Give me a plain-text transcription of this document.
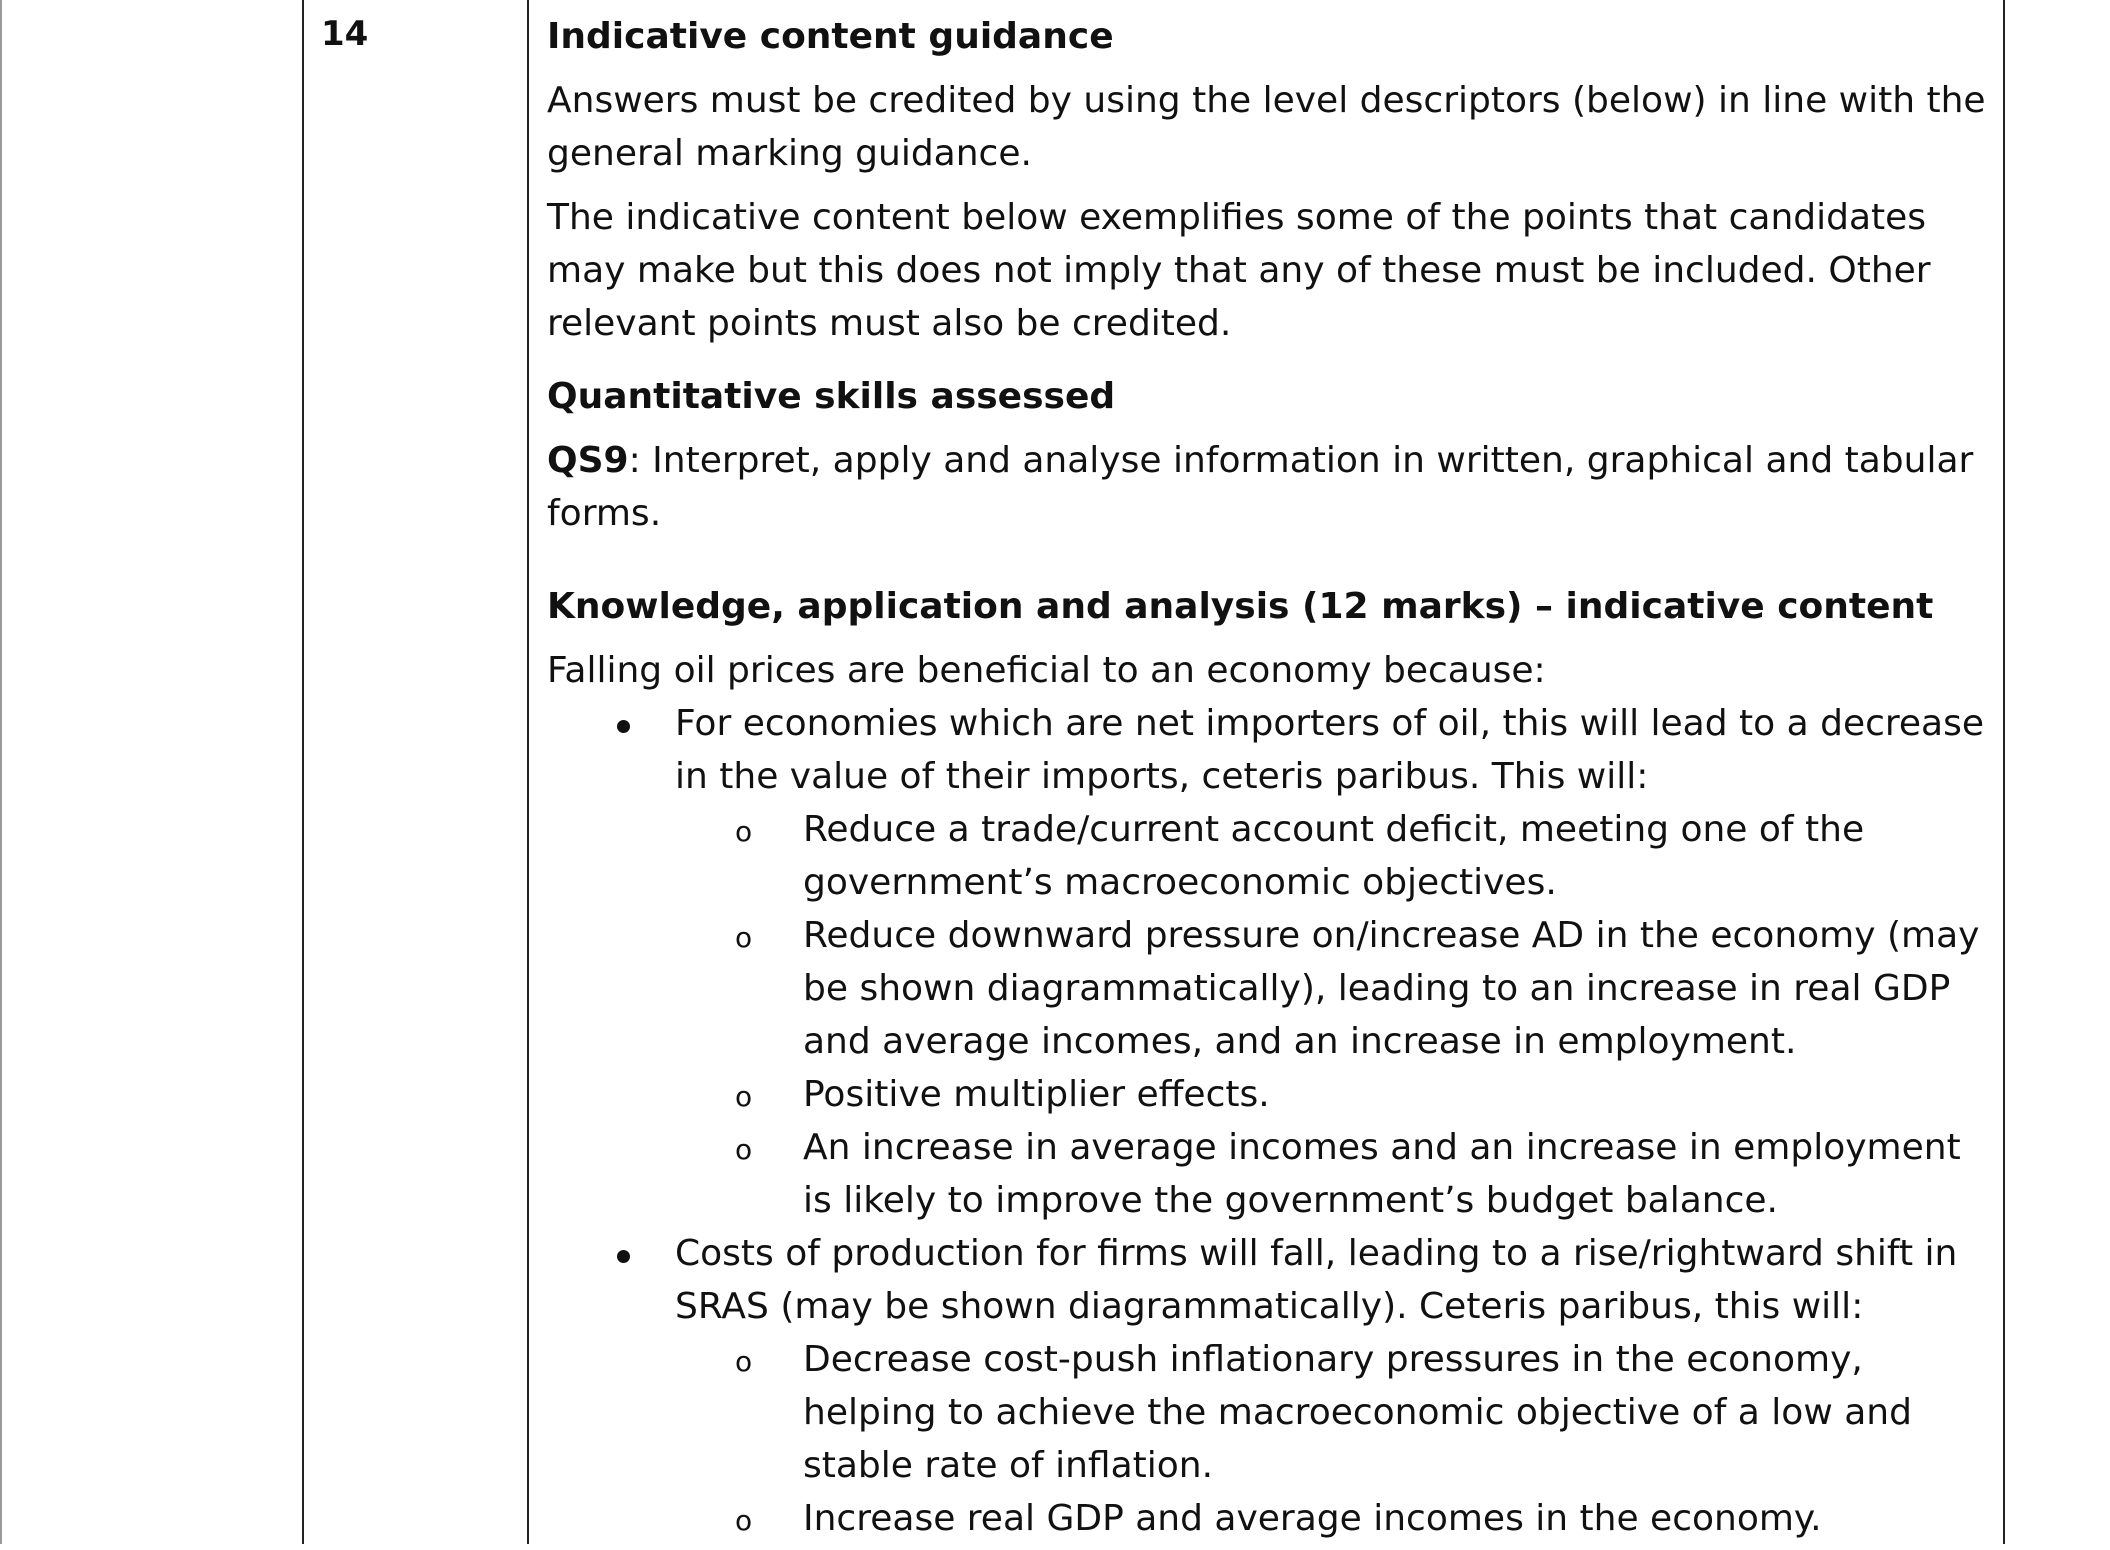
14	Indicative content guidance

Answers must be credited by using the level descriptors (below) in line with the general marking guidance.

The indicative content below exemplifies some of the points that candidates may make but this does not imply that any of these must be included. Other relevant points must also be credited.

Quantitative skills assessed

QS9: Interpret, apply and analyse information in written, graphical and tabular forms.

Knowledge, application and analysis (12 marks) – indicative content

Falling oil prices are beneficial to an economy because:

For economies which are net importers of oil, this will lead to a decrease in the value of their imports, ceteris paribus. This will:
o Reduce a trade/current account deficit, meeting one of the government’s macroeconomic objectives.
o Reduce downward pressure on/increase AD in the economy (may be shown diagrammatically), leading to an increase in real GDP and average incomes, and an increase in employment.
o Positive multiplier effects.
o An increase in average incomes and an increase in employment is likely to improve the government’s budget balance.
Costs of production for firms will fall, leading to a rise/rightward shift in SRAS (may be shown diagrammatically). Ceteris paribus, this will:
o Decrease cost-push inflationary pressures in the economy, helping to achieve the macroeconomic objective of a low and stable rate of inflation.
o Increase real GDP and average incomes in the economy.
